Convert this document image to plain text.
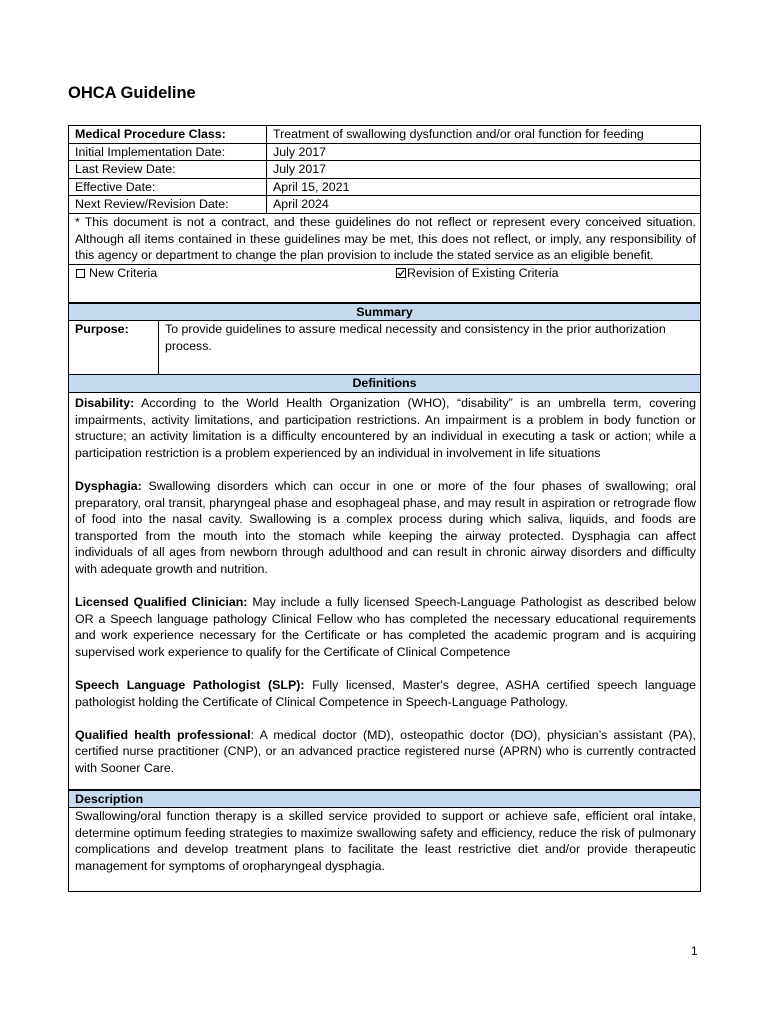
OHCA Guideline
Medical Procedure Class:	Treatment of swallowing dysfunction and/or oral function for feeding
Initial Implementation Date:	July 2017
Last Review Date:	July 2017
Effective Date:	April 15, 2021
Next Review/Revision Date:	April 2024
* This document is not a contract, and these guidelines do not reflect or represent every conceived situation. Although all items contained in these guidelines may be met, this does not reflect, or imply, any responsibility of this agency or department to change the plan provision to include the stated service as an eligible benefit.
New Criteria	Revision of Existing Criteria
Summary
Purpose:	To provide guidelines to assure medical necessity and consistency in the prior authorization process.
Definitions

Disability: According to the World Health Organization (WHO), “disability” is an umbrella term, covering impairments, activity limitations, and participation restrictions. An impairment is a problem in body function or structure; an activity limitation is a difficulty encountered by an individual in executing a task or action; while a participation restriction is a problem experienced by an individual in involvement in life situations

Dysphagia: Swallowing disorders which can occur in one or more of the four phases of swallowing; oral preparatory, oral transit, pharyngeal phase and esophageal phase, and may result in aspiration or retrograde flow of food into the nasal cavity. Swallowing is a complex process during which saliva, liquids, and foods are transported from the mouth into the stomach while keeping the airway protected. Dysphagia can affect individuals of all ages from newborn through adulthood and can result in chronic airway disorders and difficulty with adequate growth and nutrition.

Licensed Qualified Clinician: May include a fully licensed Speech-Language Pathologist as described below OR a Speech language pathology Clinical Fellow who has completed the necessary educational requirements and work experience necessary for the Certificate or has completed the academic program and is acquiring supervised work experience to qualify for the Certificate of Clinical Competence

Speech Language Pathologist (SLP): Fully licensed, Master's degree, ASHA certified speech language pathologist holding the Certificate of Clinical Competence in Speech-Language Pathology.

Qualified health professional: A medical doctor (MD), osteopathic doctor (DO), physician’s assistant (PA), certified nurse practitioner (CNP), or an advanced practice registered nurse (APRN) who is currently contracted with Sooner Care.

Description
Swallowing/oral function therapy is a skilled service provided to support or achieve safe, efficient oral intake, determine optimum feeding strategies to maximize swallowing safety and efficiency, reduce the risk of pulmonary complications and develop treatment plans to facilitate the least restrictive diet and/or provide therapeutic management for symptoms of oropharyngeal dysphagia.
1
